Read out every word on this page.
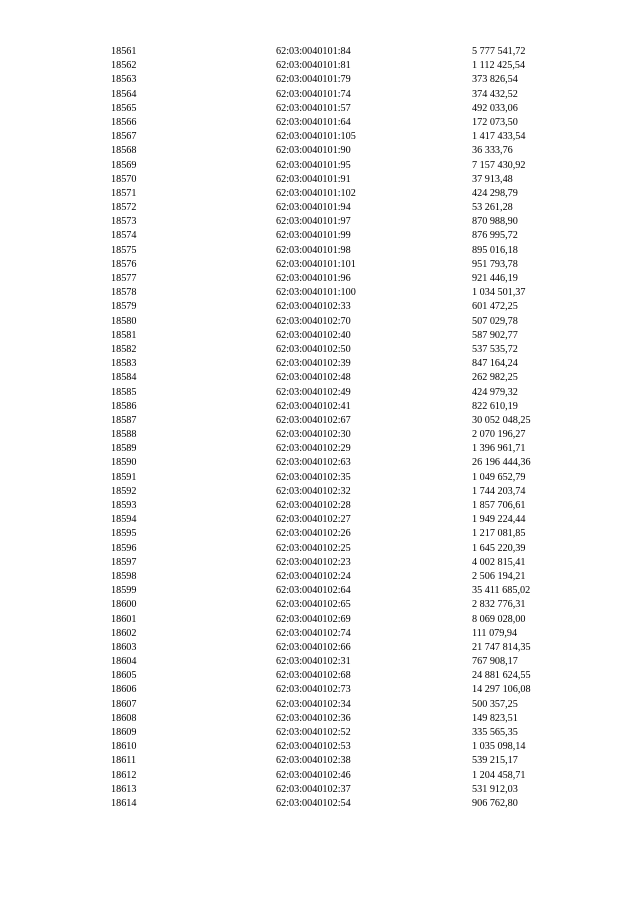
18561	62:03:0040101:84	5 777 541,72
18562	62:03:0040101:81	1 112 425,54
18563	62:03:0040101:79	373 826,54
18564	62:03:0040101:74	374 432,52
18565	62:03:0040101:57	492 033,06
18566	62:03:0040101:64	172 073,50
18567	62:03:0040101:105	1 417 433,54
18568	62:03:0040101:90	36 333,76
18569	62:03:0040101:95	7 157 430,92
18570	62:03:0040101:91	37 913,48
18571	62:03:0040101:102	424 298,79
18572	62:03:0040101:94	53 261,28
18573	62:03:0040101:97	870 988,90
18574	62:03:0040101:99	876 995,72
18575	62:03:0040101:98	895 016,18
18576	62:03:0040101:101	951 793,78
18577	62:03:0040101:96	921 446,19
18578	62:03:0040101:100	1 034 501,37
18579	62:03:0040102:33	601 472,25
18580	62:03:0040102:70	507 029,78
18581	62:03:0040102:40	587 902,77
18582	62:03:0040102:50	537 535,72
18583	62:03:0040102:39	847 164,24
18584	62:03:0040102:48	262 982,25
18585	62:03:0040102:49	424 979,32
18586	62:03:0040102:41	822 610,19
18587	62:03:0040102:67	30 052 048,25
18588	62:03:0040102:30	2 070 196,27
18589	62:03:0040102:29	1 396 961,71
18590	62:03:0040102:63	26 196 444,36
18591	62:03:0040102:35	1 049 652,79
18592	62:03:0040102:32	1 744 203,74
18593	62:03:0040102:28	1 857 706,61
18594	62:03:0040102:27	1 949 224,44
18595	62:03:0040102:26	1 217 081,85
18596	62:03:0040102:25	1 645 220,39
18597	62:03:0040102:23	4 002 815,41
18598	62:03:0040102:24	2 506 194,21
18599	62:03:0040102:64	35 411 685,02
18600	62:03:0040102:65	2 832 776,31
18601	62:03:0040102:69	8 069 028,00
18602	62:03:0040102:74	111 079,94
18603	62:03:0040102:66	21 747 814,35
18604	62:03:0040102:31	767 908,17
18605	62:03:0040102:68	24 881 624,55
18606	62:03:0040102:73	14 297 106,08
18607	62:03:0040102:34	500 357,25
18608	62:03:0040102:36	149 823,51
18609	62:03:0040102:52	335 565,35
18610	62:03:0040102:53	1 035 098,14
18611	62:03:0040102:38	539 215,17
18612	62:03:0040102:46	1 204 458,71
18613	62:03:0040102:37	531 912,03
18614	62:03:0040102:54	906 762,80
